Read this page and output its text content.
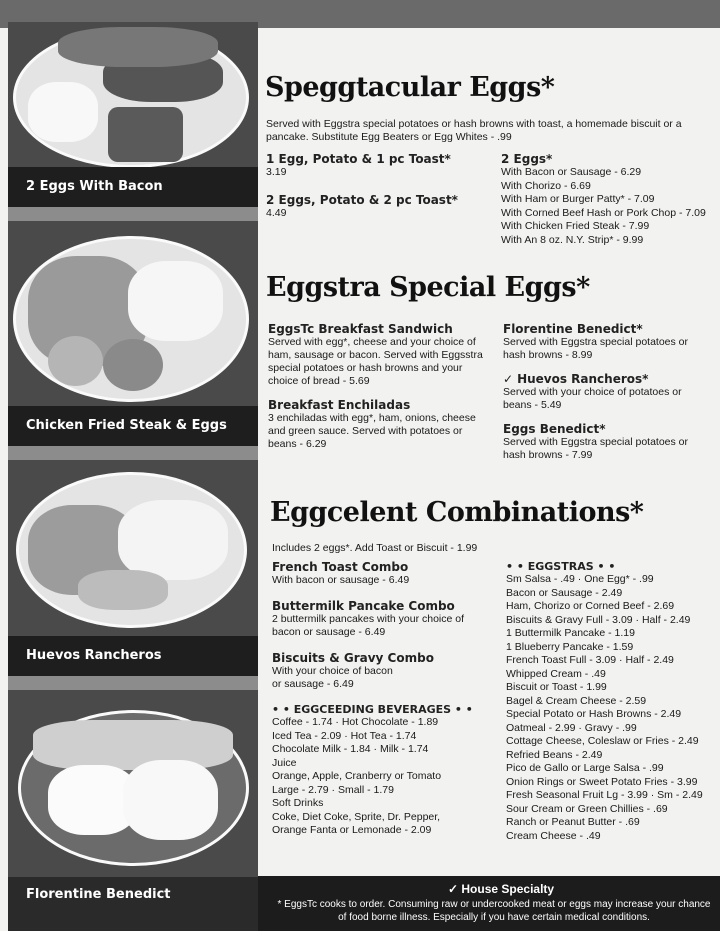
2 Eggs With Bacon
Chicken Fried Steak & Eggs
Huevos Rancheros
Florentine Benedict
Speggtacular Eggs*
Served with Eggstra special potatoes or hash browns with toast, a homemade biscuit or a pancake. Substitute Egg Beaters or Egg Whites - .99

1 Egg, Potato & 1 pc Toast*

3.19

2 Eggs, Potato & 2 pc Toast*

4.49

2 Eggs*

With Bacon or Sausage - 6.29
With Chorizo - 6.69
With Ham or Burger Patty* - 7.09
With Corned Beef Hash or Pork Chop - 7.09
With Chicken Fried Steak - 7.99
With An 8 oz. N.Y. Strip* - 9.99
Eggstra Special Eggs*

EggsTc Breakfast Sandwich

Served with egg*, cheese and your choice of ham, sausage or bacon. Served with Eggsstra special potatoes or hash browns and your choice of bread - 5.69

Breakfast Enchiladas

3 enchiladas with egg*, ham, onions, cheese and green sauce. Served with potatoes or beans - 6.29

Florentine Benedict*

Served with Eggstra special potatoes or hash browns - 8.99

✓ Huevos Rancheros*

Served with your choice of potatoes or beans - 5.49

Eggs Benedict*

Served with Eggstra special potatoes or hash browns - 7.99
Eggcelent Combinations*
Includes 2 eggs*. Add Toast or Biscuit - 1.99

French Toast Combo

With bacon or sausage - 6.49

Buttermilk Pancake Combo

2 buttermilk pancakes with your choice of bacon or sausage - 6.49

Biscuits & Gravy Combo

With your choice of bacon or sausage - 6.49

• • EGGCEEDING BEVERAGES • •

Coffee - 1.74 · Hot Chocolate - 1.89
Iced Tea - 2.09 · Hot Tea - 1.74
Chocolate Milk - 1.84 · Milk - 1.74
Juice
Orange, Apple, Cranberry or Tomato
Large - 2.79 · Small - 1.79
Soft Drinks
Coke, Diet Coke, Sprite, Dr. Pepper,
Orange Fanta or Lemonade - 2.09

• • EGGSTRAS • •

Sm Salsa - .49 · One Egg* - .99
Bacon or Sausage - 2.49
Ham, Chorizo or Corned Beef - 2.69
Biscuits & Gravy Full - 3.09 · Half - 2.49
1 Buttermilk Pancake - 1.19
1 Blueberry Pancake - 1.59
French Toast Full - 3.09 · Half - 2.49
Whipped Cream - .49
Biscuit or Toast - 1.99
Bagel & Cream Cheese - 2.59
Special Potato or Hash Browns - 2.49
Oatmeal - 2.99 · Gravy - .99
Cottage Cheese, Coleslaw or Fries - 2.49
Refried Beans - 2.49
Pico de Gallo or Large Salsa - .99
Onion Rings or Sweet Potato Fries - 3.99
Fresh Seasonal Fruit Lg - 3.99 · Sm - 2.49
Sour Cream or Green Chillies - .69
Ranch or Peanut Butter - .69
Cream Cheese - .49
✓ House Specialty
* EggsTc cooks to order. Consuming raw or undercooked meat or eggs may increase your chance of food borne illness. Especially if you have certain medical conditions.
